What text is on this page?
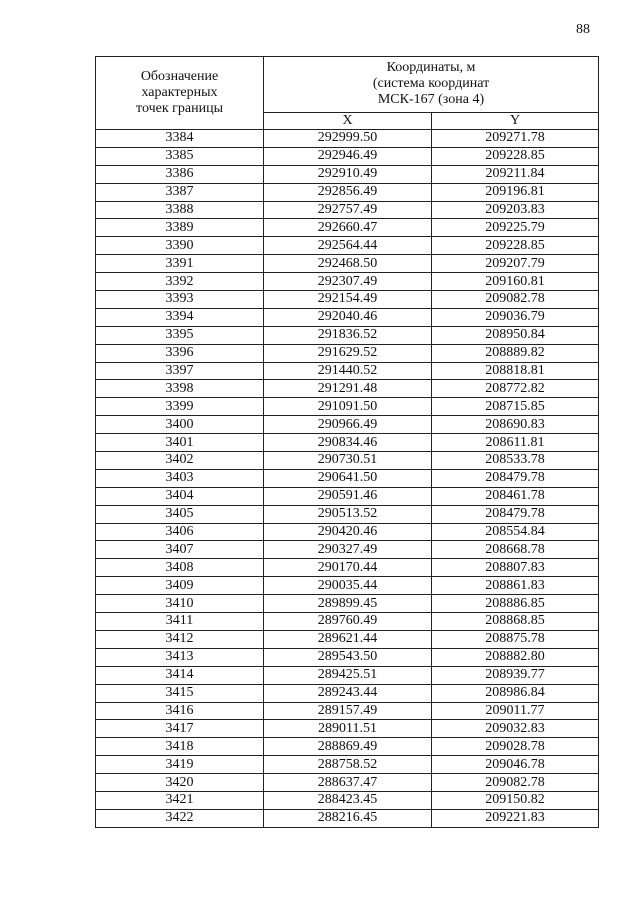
88
Обозначение
характерных
точек границы	Координаты, м
(система координат
МСК-167 (зона 4)	

	X	Y
3384	292999.50	209271.78
3385	292946.49	209228.85
3386	292910.49	209211.84
3387	292856.49	209196.81
3388	292757.49	209203.83
3389	292660.47	209225.79
3390	292564.44	209228.85
3391	292468.50	209207.79
3392	292307.49	209160.81
3393	292154.49	209082.78
3394	292040.46	209036.79
3395	291836.52	208950.84
3396	291629.52	208889.82
3397	291440.52	208818.81
3398	291291.48	208772.82
3399	291091.50	208715.85
3400	290966.49	208690.83
3401	290834.46	208611.81
3402	290730.51	208533.78
3403	290641.50	208479.78
3404	290591.46	208461.78
3405	290513.52	208479.78
3406	290420.46	208554.84
3407	290327.49	208668.78
3408	290170.44	208807.83
3409	290035.44	208861.83
3410	289899.45	208886.85
3411	289760.49	208868.85
3412	289621.44	208875.78
3413	289543.50	208882.80
3414	289425.51	208939.77
3415	289243.44	208986.84
3416	289157.49	209011.77
3417	289011.51	209032.83
3418	288869.49	209028.78
3419	288758.52	209046.78
3420	288637.47	209082.78
3421	288423.45	209150.82
3422	288216.45	209221.83
